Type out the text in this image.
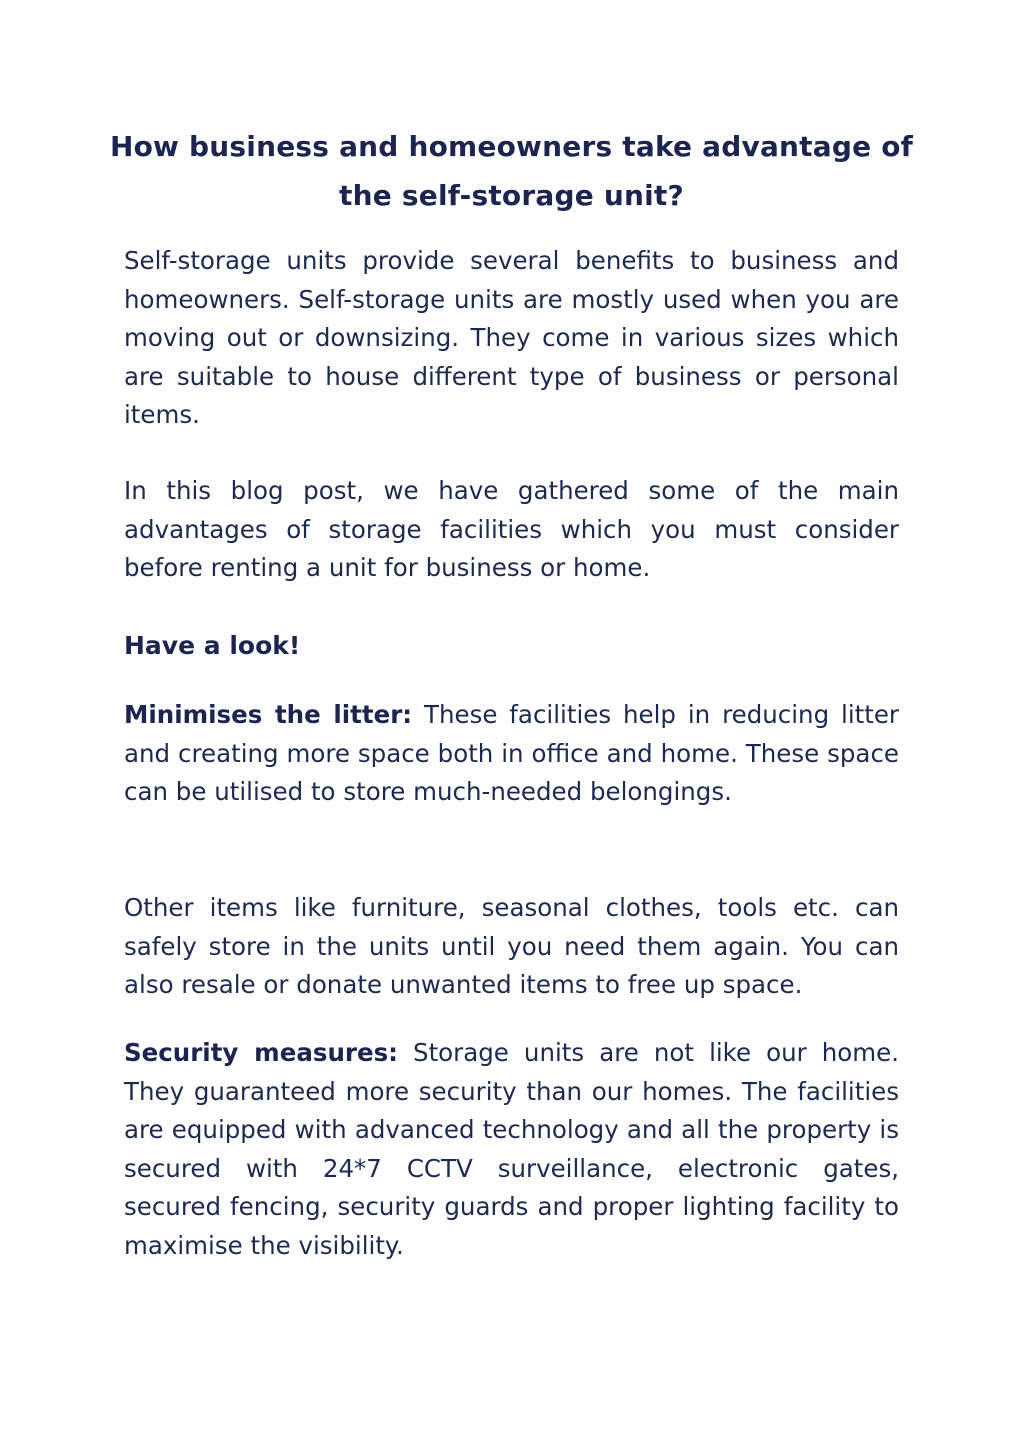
How business and homeowners take advantage of
the self-storage unit?

Self-storage units provide several benefits to business and homeowners. Self-storage units are mostly used when you are moving out or downsizing. They come in various sizes which are suitable to house different type of business or personal items.

In this blog post, we have gathered some of the main advantages of storage facilities which you must consider before renting a unit for business or home.

Have a look!

Minimises the litter: These facilities help in reducing litter and creating more space both in office and home. These space can be utilised to store much-needed belongings.

Other items like furniture, seasonal clothes, tools etc. can safely store in the units until you need them again. You can also resale or donate unwanted items to free up space.

Security measures: Storage units are not like our home. They guaranteed more security than our homes. The facilities are equipped with advanced technology and all the property is secured with 24*7 CCTV surveillance, electronic gates, secured fencing, security guards and proper lighting facility to maximise the visibility.
